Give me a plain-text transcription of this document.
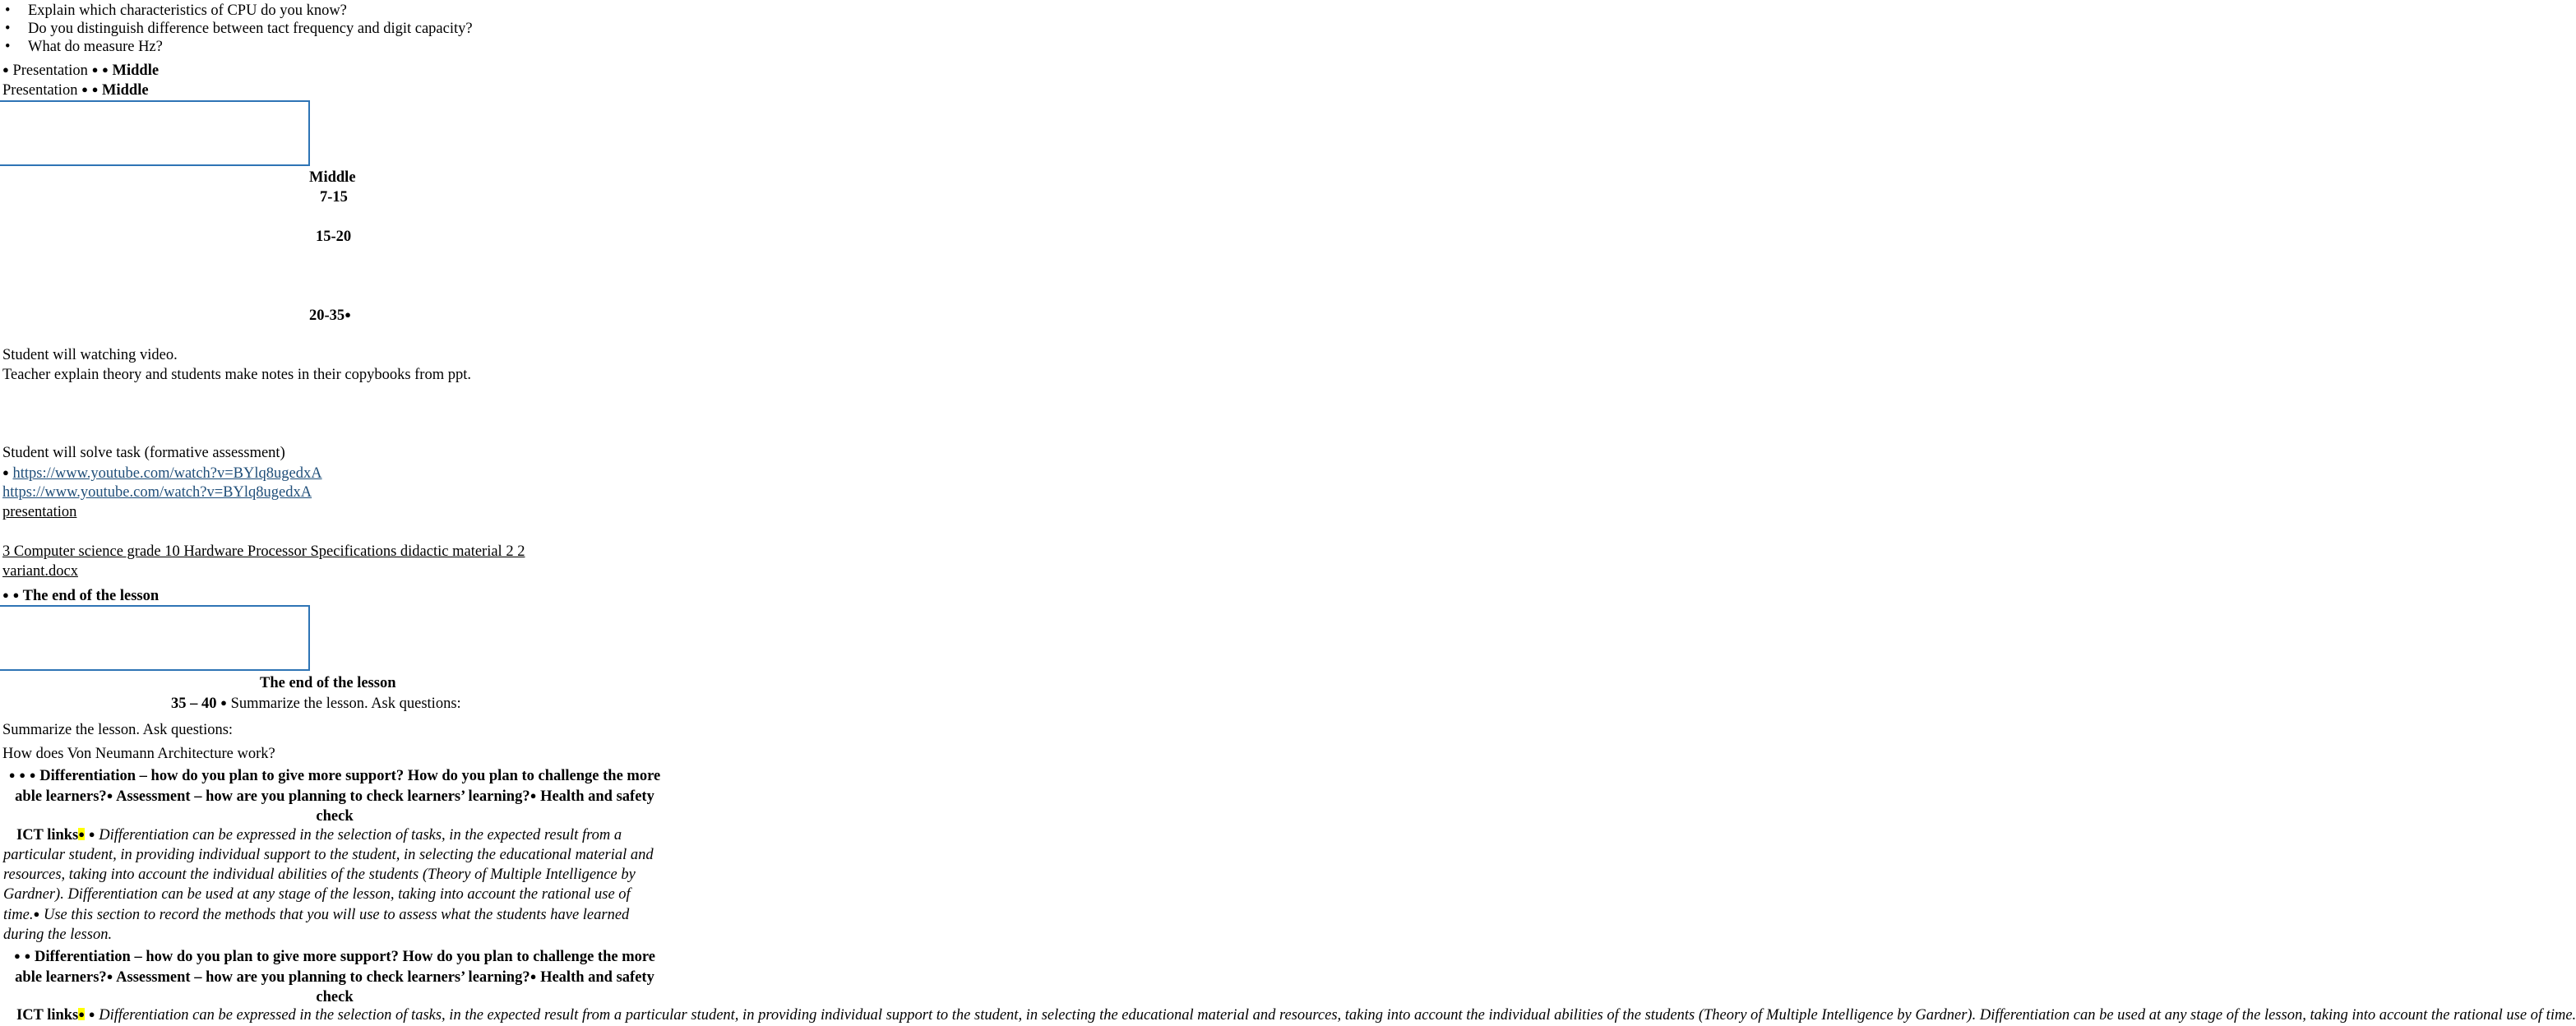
• Explain which characteristics of CPU do you know?
• Do you distinguish difference between tact frequency and digit capacity?
• What do measure Hz?
● Presentation ● ● Middle
Presentation ● ● Middle
Middle
7-15
15-20
20-35●
Student will watching video.
Teacher explain theory and students make notes in their copybooks from ppt.
Student will solve task (formative assessment)
● https://www.youtube.com/watch?v=BYlq8ugedxA
https://www.youtube.com/watch?v=BYlq8ugedxA
presentation
3 Computer science grade 10 Hardware Processor Specifications didactic material 2 2
variant.docx
● ● The end of the lesson
The end of the lesson
35 – 40 ● Summarize the lesson. Ask questions:
Summarize the lesson. Ask questions:
How does Von Neumann Architecture work?
● ● ● Differentiation – how do you plan to give more support? How do you plan to challenge the more able learners?● Assessment – how are you planning to check learners’ learning?● Health and safety check
ICT links● ● Differentiation can be expressed in the selection of tasks, in the expected result from a particular student, in providing individual support to the student, in selecting the educational material and resources, taking into account the individual abilities of the students (Theory of Multiple Intelligence by Gardner). Differentiation can be used at any stage of the lesson, taking into account the rational use of time.● Use this section to record the methods that you will use to assess what the students have learned during the lesson.
● ● Differentiation – how do you plan to give more support? How do you plan to challenge the more able learners?● Assessment – how are you planning to check learners’ learning?● Health and safety check
ICT links● ● Differentiation can be expressed in the selection of tasks, in the expected result from a particular student, in providing individual support to the student, in selecting the educational material and resources, taking into account the individual abilities of the students (Theory of Multiple Intelligence by Gardner). Differentiation can be used at any stage of the lesson, taking into account the rational use of time.
